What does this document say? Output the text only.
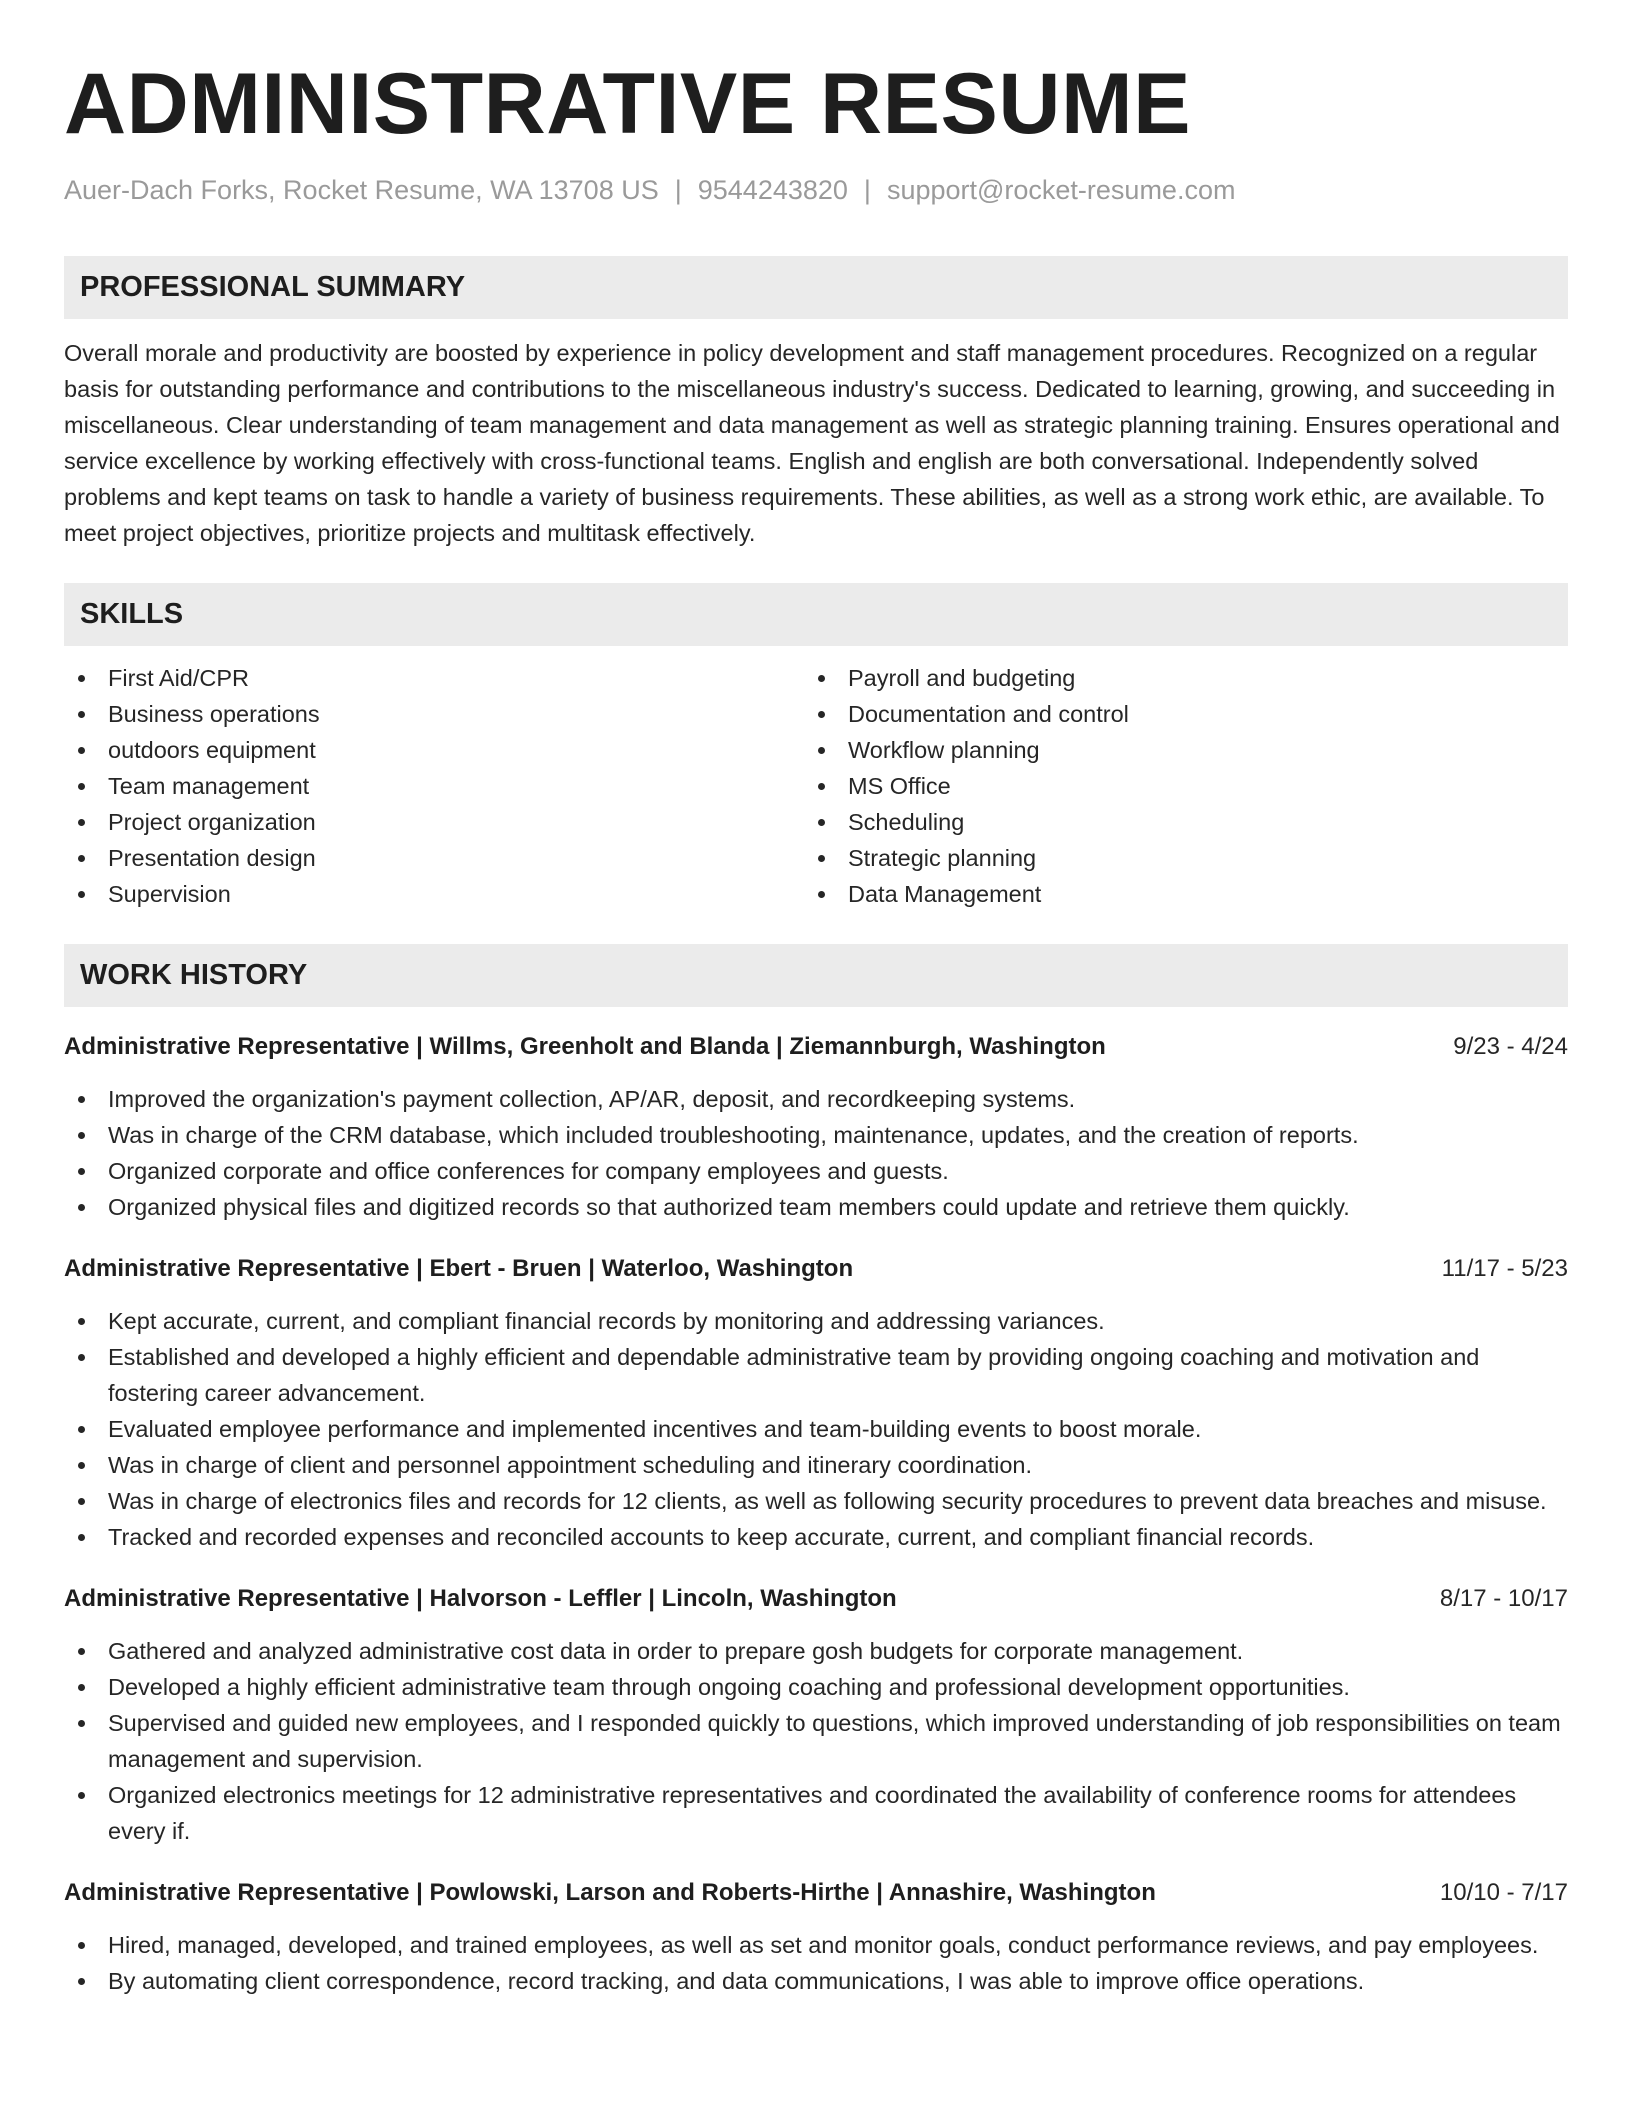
ADMINISTRATIVE RESUME
Auer-Dach Forks, Rocket Resume, WA 13708 US | 9544243820 | support@rocket-resume.com
PROFESSIONAL SUMMARY
Overall morale and productivity are boosted by experience in policy development and staff management procedures. Recognized on a regular basis for outstanding performance and contributions to the miscellaneous industry's success. Dedicated to learning, growing, and succeeding in miscellaneous. Clear understanding of team management and data management as well as strategic planning training. Ensures operational and service excellence by working effectively with cross-functional teams. English and english are both conversational. Independently solved problems and kept teams on task to handle a variety of business requirements. These abilities, as well as a strong work ethic, are available. To meet project objectives, prioritize projects and multitask effectively.
SKILLS
First Aid/CPR
Business operations
outdoors equipment
Team management
Project organization
Presentation design
Supervision
Payroll and budgeting
Documentation and control
Workflow planning
MS Office
Scheduling
Strategic planning
Data Management
WORK HISTORY
Administrative Representative | Willms, Greenholt and Blanda | Ziemannburgh, Washington	9/23 - 4/24
Improved the organization's payment collection, AP/AR, deposit, and recordkeeping systems.
Was in charge of the CRM database, which included troubleshooting, maintenance, updates, and the creation of reports.
Organized corporate and office conferences for company employees and guests.
Organized physical files and digitized records so that authorized team members could update and retrieve them quickly.
Administrative Representative | Ebert - Bruen | Waterloo, Washington	11/17 - 5/23
Kept accurate, current, and compliant financial records by monitoring and addressing variances.
Established and developed a highly efficient and dependable administrative team by providing ongoing coaching and motivation and fostering career advancement.
Evaluated employee performance and implemented incentives and team-building events to boost morale.
Was in charge of client and personnel appointment scheduling and itinerary coordination.
Was in charge of electronics files and records for 12 clients, as well as following security procedures to prevent data breaches and misuse.
Tracked and recorded expenses and reconciled accounts to keep accurate, current, and compliant financial records.
Administrative Representative | Halvorson - Leffler | Lincoln, Washington	8/17 - 10/17
Gathered and analyzed administrative cost data in order to prepare gosh budgets for corporate management.
Developed a highly efficient administrative team through ongoing coaching and professional development opportunities.
Supervised and guided new employees, and I responded quickly to questions, which improved understanding of job responsibilities on team management and supervision.
Organized electronics meetings for 12 administrative representatives and coordinated the availability of conference rooms for attendees every if.
Administrative Representative | Powlowski, Larson and Roberts-Hirthe | Annashire, Washington	10/10 - 7/17
Hired, managed, developed, and trained employees, as well as set and monitor goals, conduct performance reviews, and pay employees.
By automating client correspondence, record tracking, and data communications, I was able to improve office operations.
